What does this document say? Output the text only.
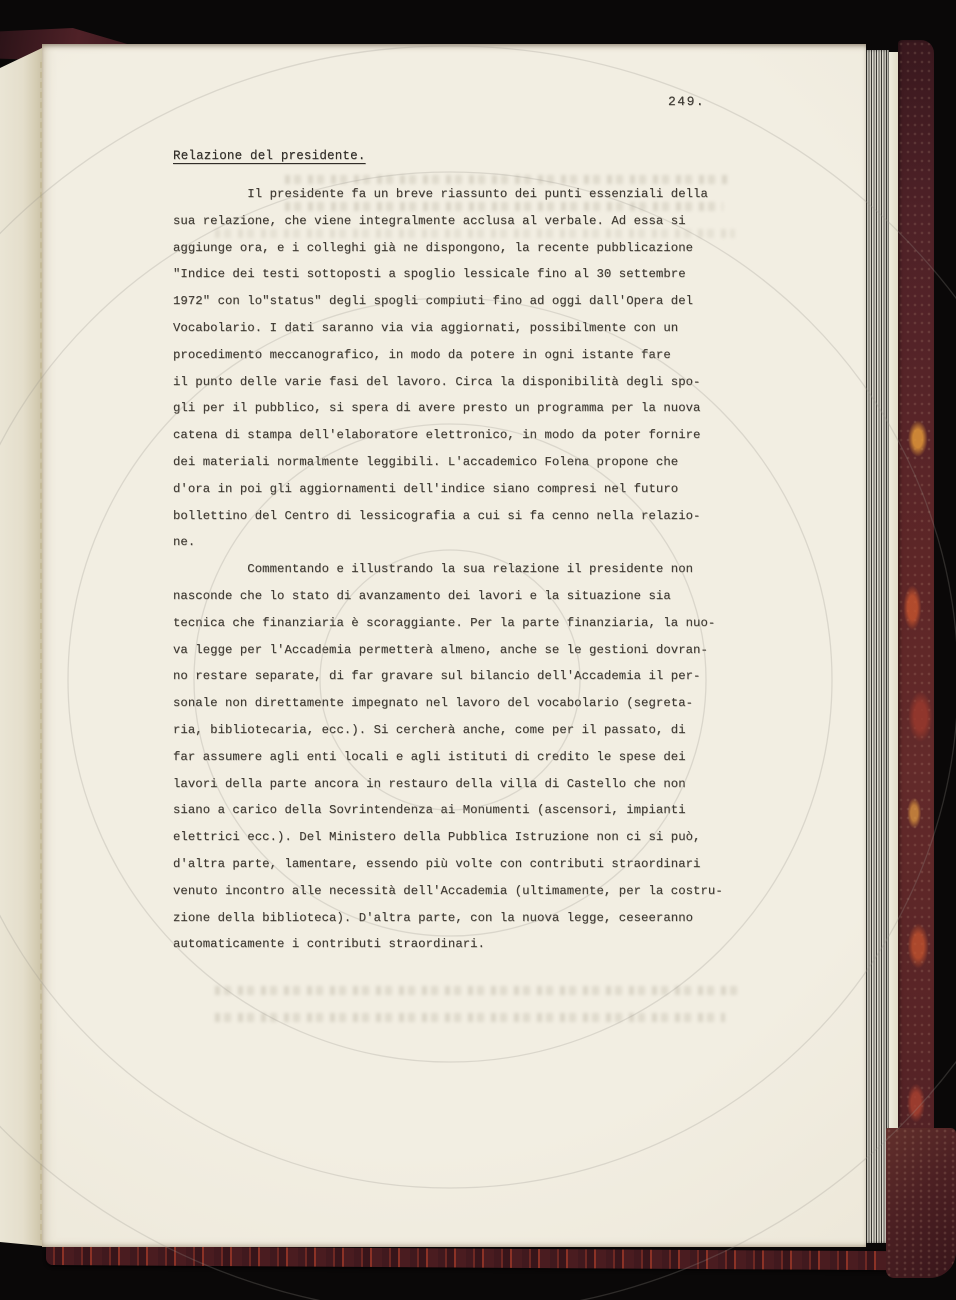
249.
Relazione del presidente.
Il presidente fa un breve riassunto dei punti essenziali della
sua relazione, che viene integralmente acclusa al verbale. Ad essa si
aggiunge ora, e i colleghi già ne dispongono, la recente pubblicazione
"Indice dei testi sottoposti a spoglio lessicale fino al 30 settembre
1972" con lo"status" degli spogli compiuti fino ad oggi dall'Opera del
Vocabolario. I dati saranno via via aggiornati, possibilmente con un
procedimento meccanografico, in modo da potere in ogni istante fare
il punto delle varie fasi del lavoro. Circa la disponibilità degli spo-
gli per il pubblico, si spera di avere presto un programma per la nuova
catena di stampa dell'elaboratore elettronico, in modo da poter fornire
dei materiali normalmente leggibili. L'accademico Folena propone che
d'ora in poi gli aggiornamenti dell'indice siano compresi nel futuro
bollettino del Centro di lessicografia a cui si fa cenno nella relazio-
ne.
Commentando e illustrando la sua relazione il presidente non
nasconde che lo stato di avanzamento dei lavori e la situazione sia
tecnica che finanziaria è scoraggiante. Per la parte finanziaria, la nuo-
va legge per l'Accademia permetterà almeno, anche se le gestioni dovran-
no restare separate, di far gravare sul bilancio dell'Accademia il per-
sonale non direttamente impegnato nel lavoro del vocabolario (segreta-
ria, bibliotecaria, ecc.). Si cercherà anche, come per il passato, di
far assumere agli enti locali e agli istituti di credito le spese dei
lavori della parte ancora in restauro della villa di Castello che non
siano a carico della Sovrintendenza ai Monumenti (ascensori, impianti
elettrici ecc.). Del Ministero della Pubblica Istruzione non ci si può,
d'altra parte, lamentare, essendo più volte con contributi straordinari
venuto incontro alle necessità dell'Accademia (ultimamente, per la costru-
zione della biblioteca). D'altra parte, con la nuova legge, ceseeranno
automaticamente i contributi straordinari.
